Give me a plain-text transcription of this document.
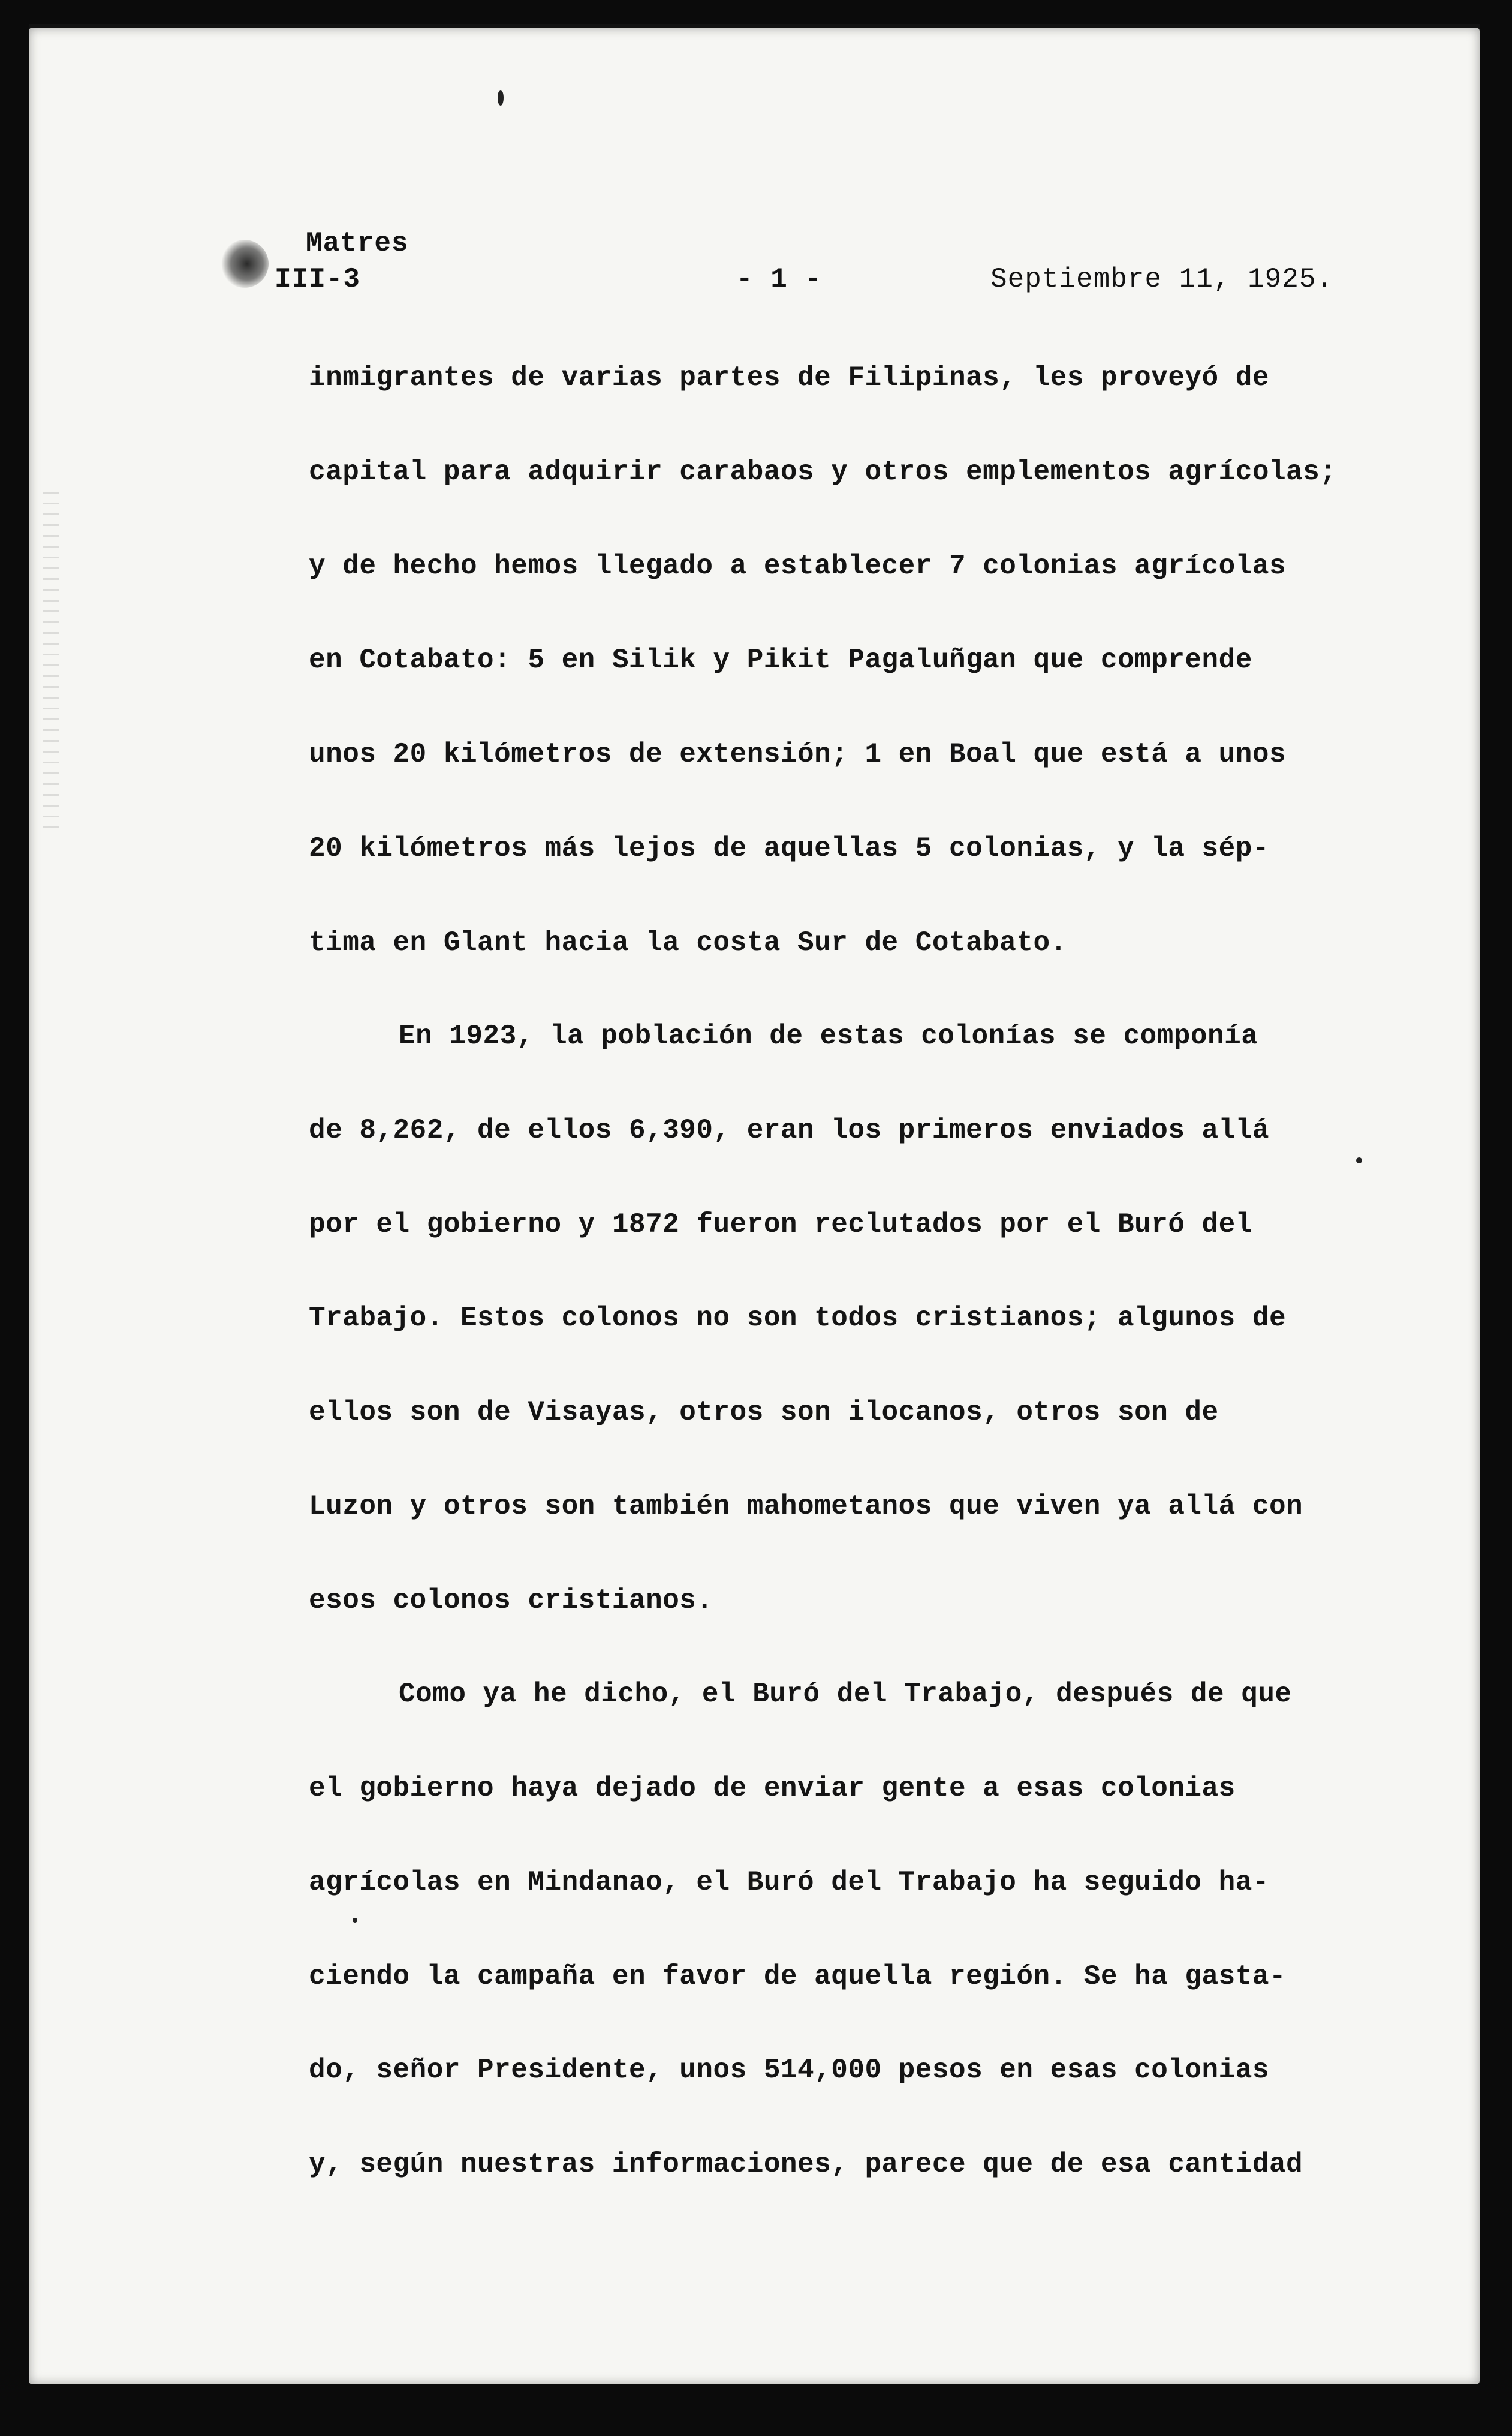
Matres
III-3	- 1 -	Septiembre 11, 1925.
inmigrantes de varias partes de Filipinas, les proveyó de
capital para adquirir carabaos y otros emplementos agrícolas;
y de hecho hemos llegado a establecer 7 colonias agrícolas
en Cotabato: 5 en Silik y Pikit Pagaluñgan que comprende
unos 20 kilómetros de extensión; 1 en Boal que está a unos
20 kilómetros más lejos de aquellas 5 colonias, y la sép-
tima en Glant hacia la costa Sur de Cotabato.
En 1923, la población de estas colonías se componía
de 8,262, de ellos 6,390, eran los primeros enviados allá
por el gobierno y 1872 fueron reclutados por el Buró del
Trabajo. Estos colonos no son todos cristianos; algunos de
ellos son de Visayas, otros son ilocanos, otros son de
Luzon y otros son también mahometanos que viven ya allá con
esos colonos cristianos.
Como ya he dicho, el Buró del Trabajo, después de que
el gobierno haya dejado de enviar gente a esas colonias
agrícolas en Mindanao, el Buró del Trabajo ha seguido ha-
ciendo la campaña en favor de aquella región. Se ha gasta-
do, señor Presidente, unos 514,000 pesos en esas colonias
y, según nuestras informaciones, parece que de esa cantidad
